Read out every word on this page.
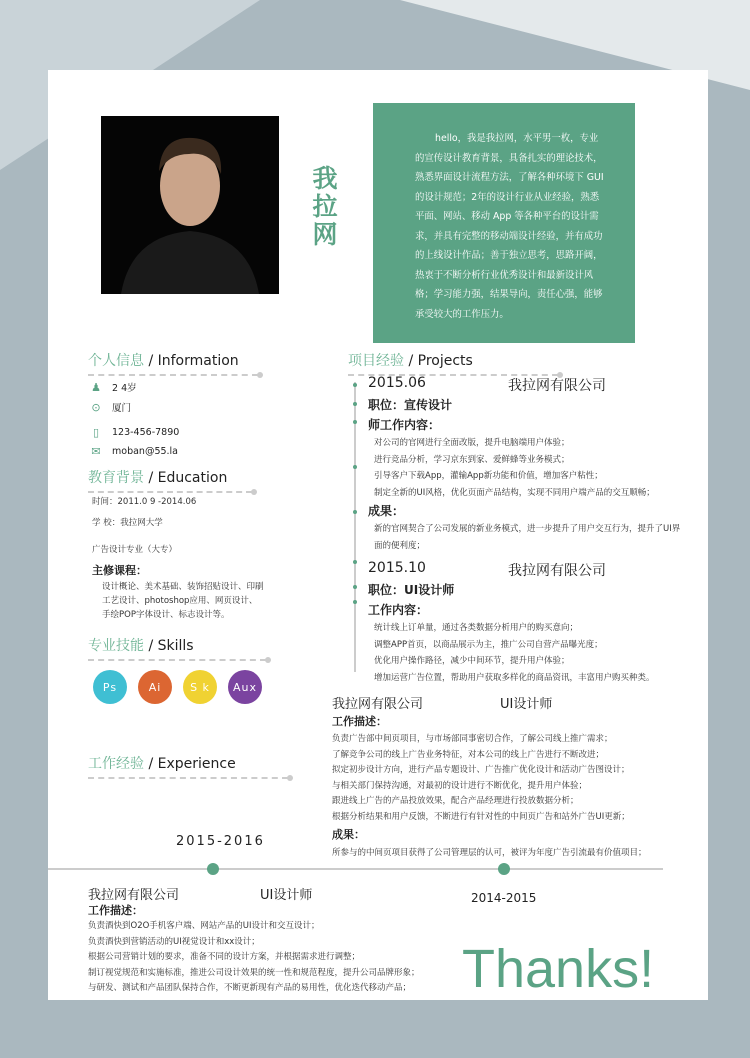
我拉网

hello，我是我拉网，水平男一枚，专业的宣传设计教育背景，具备扎实的理论技术，熟悉界面设计流程方法，了解各种环境下 GUI 的设计规范；2年的设计行业从业经验，熟悉平面、网站、移动 App 等各种平台的设计需求，并具有完整的移动端设计经验，并有成功的上线设计作品；善于独立思考，思路开阔，热衷于不断分析行业优秀设计和最新设计风格；学习能力强，结果导向，责任心强，能够承受较大的工作压力。

个人信息 / Information
♟ 2 4岁
⊙ 厦门
▯	123-456-7890
✉ moban@55.la
教育背景 / Education
时间：2011.0 9 -2014.06
学 校：我拉网大学
广告设计专业（大专）
主修课程：
设计概论、美术基础、装饰招贴设计、印刷工艺设计、photoshop应用、网页设计、手绘POP字体设计、标志设计等。
专业技能 / Skills
Ps	Ai	S k	Aux
工作经验 / Experience
项目经验 / Projects
2015.06	我拉网有限公司
职位：宣传设计
师工作内容：
对公司的官网进行全面改版，提升电脑端用户体验；
进行竞品分析，学习京东到家、爱鲜蜂等业务模式；
引导客户下载App，灌输App新功能和价值，增加客户粘性；
制定全新的UI风格，优化页面产品结构，实现不同用户端产品的交互顺畅；
成果：
新的官网契合了公司发展的新业务模式，进一步提升了用户交互行为，提升了UI界面的便利度；
2015.10	我拉网有限公司
职位：UI设计师
工作内容：
统计线上订单量，通过各类数据分析用户的购买意向；
调整APP首页，以商品展示为主，推广公司自营产品曝光度；
优化用户操作路径，减少中间环节，提升用户体验；
增加运营广告位置，帮助用户获取多样化的商品资讯，丰富用户购买种类。
我拉网有限公司	UI设计师
工作描述：
负责广告部中间页项目，与市场部同事密切合作，了解公司线上推广需求；
了解竞争公司的线上广告业务特征，对本公司的线上广告进行不断改进；
拟定初步设计方向，进行产品专题设计、广告推广优化设计和活动广告图设计；
与相关部门保持沟通，对最初的设计进行不断优化，提升用户体验；
跟进线上广告的产品投放效果，配合产品经理进行投放数据分析；
根据分析结果和用户反馈，不断进行有针对性的中间页广告和站外广告UI更新；
成果：
所参与的中间页项目获得了公司管理层的认可，被评为年度广告引流最有价值项目；
2015-2016
2014-2015
我拉网有限公司	UI设计师
工作描述：
负责酒快到O2O手机客户端、网站产品的UI设计和交互设计；
负责酒快到营销活动的UI视觉设计和xx设计；
根据公司营销计划的要求，准备不同的设计方案，并根据需求进行调整；
制订视觉规范和实施标准，推进公司设计效果的统一性和规范程度，提升公司品牌形象；
与研发、测试和产品团队保持合作，不断更新现有产品的易用性，优化迭代移动产品； Thanks!
